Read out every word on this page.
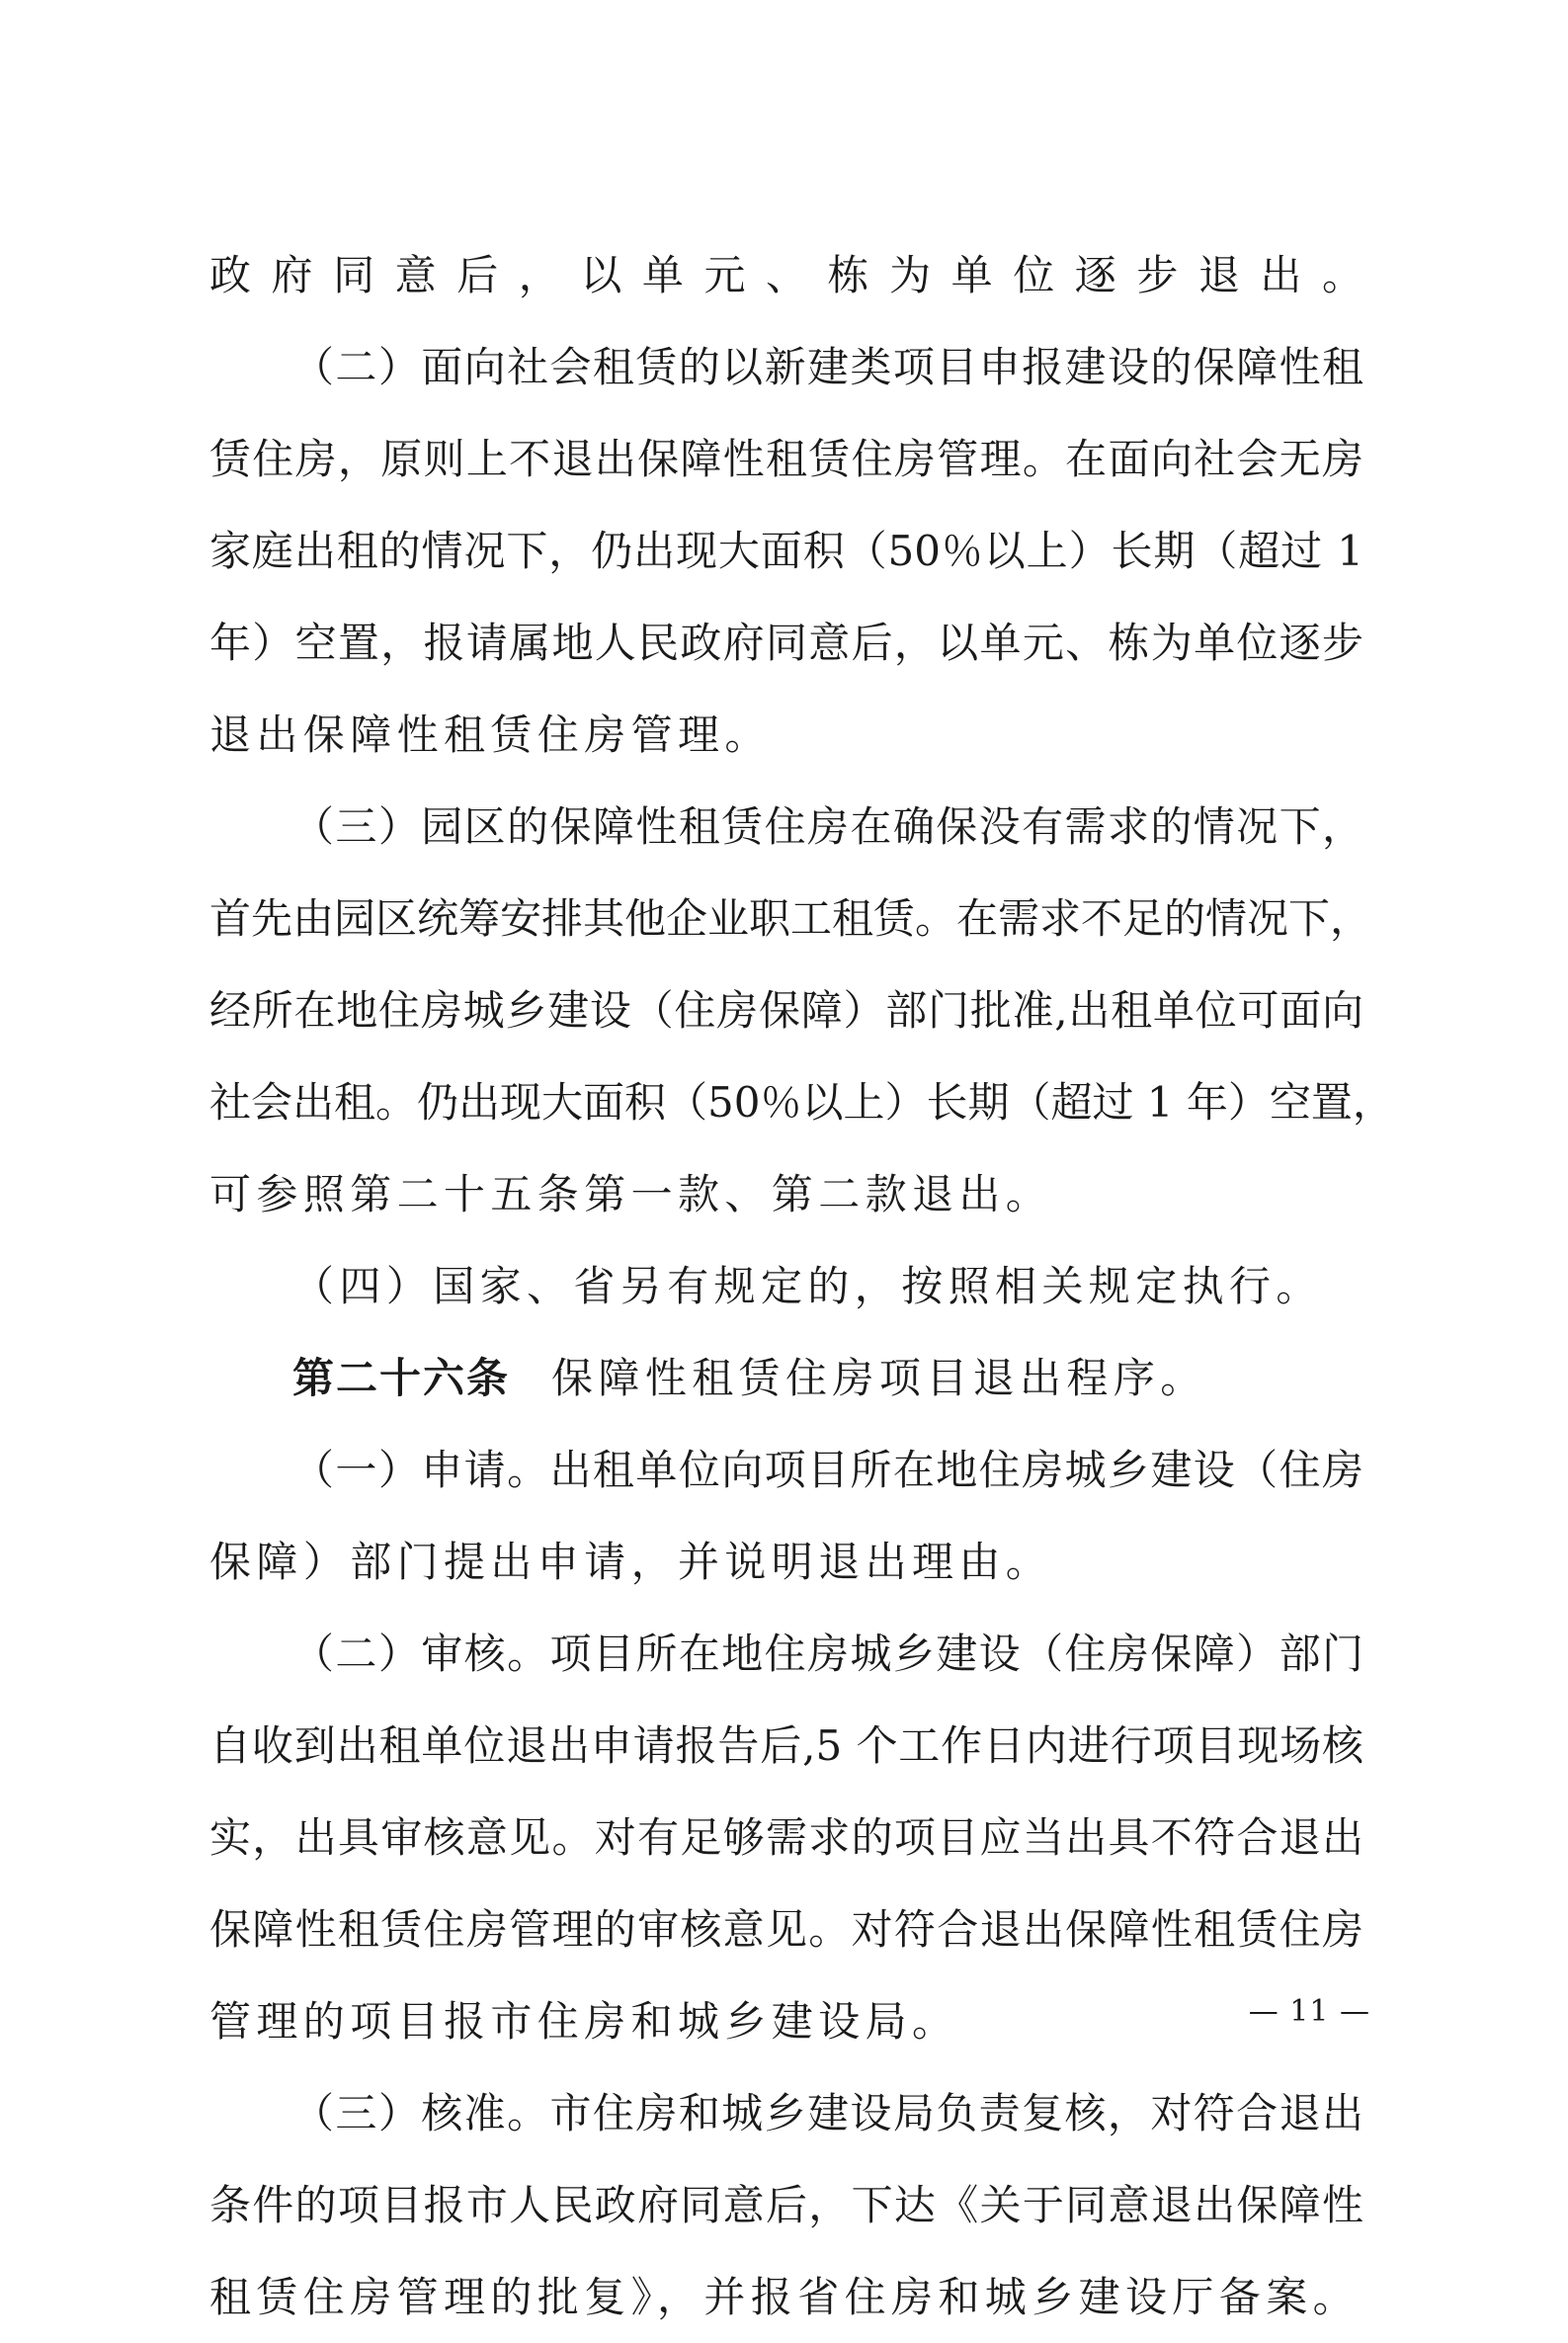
政府同意后，以单元、栋为单位逐步退出。
（二）面向社会租赁的以新建类项目申报建设的保障性租
赁住房，原则上不退出保障性租赁住房管理。在面向社会无房
家庭出租的情况下，仍出现大面积（50％以上）长期（超过 1
年）空置，报请属地人民政府同意后，以单元、栋为单位逐步
退出保障性租赁住房管理。
（三）园区的保障性租赁住房在确保没有需求的情况下，
首先由园区统筹安排其他企业职工租赁。在需求不足的情况下，
经所在地住房城乡建设（住房保障）部门批准,出租单位可面向
社会出租。仍出现大面积（50％以上）长期（超过 1 年）空置，
可参照第二十五条第一款、第二款退出。
（四）国家、省另有规定的，按照相关规定执行。
第二十六条 保障性租赁住房项目退出程序。
（一）申请。出租单位向项目所在地住房城乡建设（住房
保障）部门提出申请，并说明退出理由。
（二）审核。项目所在地住房城乡建设（住房保障）部门
自收到出租单位退出申请报告后,5 个工作日内进行项目现场核
实，出具审核意见。对有足够需求的项目应当出具不符合退出
保障性租赁住房管理的审核意见。对符合退出保障性租赁住房
管理的项目报市住房和城乡建设局。
（三）核准。市住房和城乡建设局负责复核，对符合退出
条件的项目报市人民政府同意后，下达《关于同意退出保障性
租赁住房管理的批复》，并报省住房和城乡建设厅备案。
— 11 —
